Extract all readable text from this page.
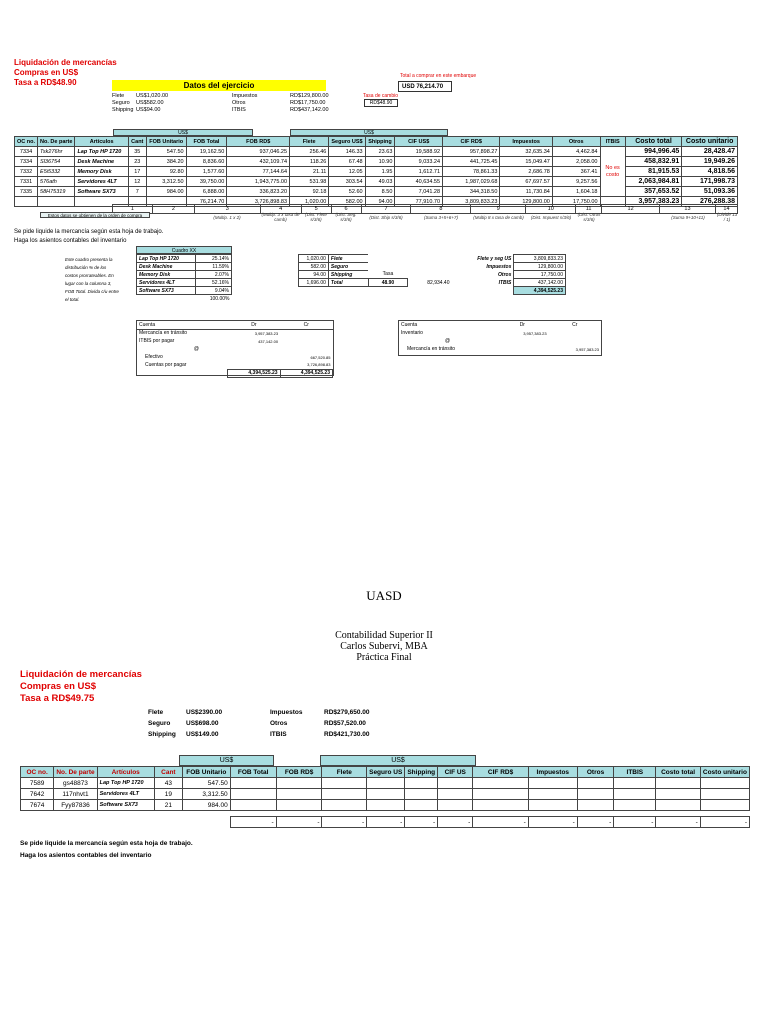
Liquidación de mercancías
Compras en US$
Tasa a RD$48.90	Datos del ejercicio
Flete US$1,020.00
Seguro US$582.00
Shipping US$94.00
Impuestos	RD$129,800.00
Otros	RD$17,750.00
ITBIS	RD$437,142.00
Total a comprar en este embarque
USD 76,214.70
Tasa de cambio
RD$48.90
US$	US$
OC no.	No. De parte	Artículos	Cant	FOB Unitario	FOB Total	FOB RD$	Flete	Seguro US$	Shipping	CIF US$	CIF RD$	Impuestos	Otros	ITBIS	Costo total	Costo unitario
7334	Tsk276hr	Lap Top HP 1720	35	547.50	19,162.50	937,046.25	256.46	146.33	23.63	19,588.92	957,898.27	32,635.34	4,462.84	No es costo	994,996.45	28,428.47
7334	Sl36754	Desk Machine	23	384.20	8,836.60	432,109.74	118.26	67.48	10.90	9,033.24	441,725.45	15,049.47	2,058.00		458,832.91	19,949.26
7332	E5i5332	Memory Disk	17	92.80	1,577.60	77,144.64	21.11	12.05	1.95	1,612.71	78,861.33	2,686.78	367.41		81,915.53	4,818.56
7331	576ath	Servidores 4LT	12	3,312.50	39,750.00	1,943,775.00	531.98	303.54	49.03	40,634.55	1,987,029.68	67,697.57	9,257.56		2,063,984.81	171,998.73
7335	58H75319	Software SX73	7	984.00	6,888.00	336,823.20	92.18	52.60	8.50	7,041.28	344,318.50	11,730.84	1,604.18		357,653.52	51,093.36
					76,214.70	3,726,898.83	1,020.00	582.00	94.00	77,910.70	3,809,833.23	129,800.00	17,750.00		3,957,383.23	276,288.38
1	2	3	4	5	6	7	8	9	10	11	12	13	14
		(Multip. 1 x 2)	(Multip. 3 x tasa de camb)	(Dist. Flete s/3/6)	(Dist. Seg. s/3/6)	(Dist. Ship s/3/6)	(Suma 3+5+6+7)	(Multip 8 x tasa de camb)	(Dist. Impuest s/3/6)	(Dist. Otros s/3/6)		(Suma 9+10+11)	(Divide 13 / 1)
Estos datos se obtienen de la orden de compra
Se pide liquide la mercancía según esta hoja de trabajo.
Haga los asientos contables del inventario
Cuadro XX
Este cuadro presenta la
distribución % de los
costos prorrateables. En
lugar con la columna 3,
FOB Total. Divida c/u entre
el total.
Lap Top HP 1720	25.14%
Desk Machine	11.59%
Memory Disk	2.07%
Servidores 4LT	52.16%
Software SX73	9.04%
	100.00%
1,020.00	Flete		
582.00	Seguro		
94.00	Shipping	Tasa	
1,696.00	Total	48.90	82,934.40
Flete y seg US	3,809,833.23
Impuestos	129,800.00
Otros	17,750.00
ITBIS	437,142.00
	4,394,525.23
Cuenta	Dr	Cr
Mercancía en tránsito	3,957,383.23	
ITBIS por pagar	437,142.00	
@		
Efectivo		667,520.85
Cuentas por pagar		3,726,898.83
	4,394,525.23	4,394,525.23
Cuenta	Dr	Cr
Inventario	3,957,383.23	
@		
Mercancía en tránsito		3,957,383.23
UASD
Contabilidad Superior II
Carlos Subervi, MBA
Práctica Final
Liquidación de mercancías
Compras en US$
Tasa a RD$49.75
Flete	US$2390.00
Seguro US$698.00
Shipping US$149.00
Impuestos	RD$279,650.00
Otros	RD$57,520.00
ITBIS	RD$421,730.00
US$	US$
OC no.	No. De parte	Artículos	Cant	FOB Unitario	FOB Total	FOB RD$	Flete	Seguro US	Shipping	CIF US	CIF RD$	Impuestos	Otros	ITBIS	Costo total	Costo unitario
7589	gs48873	Lap Top HP 1720	43	547.50												
7642	117nhvt1	Servidores 4LT	19	3,312.50												
7674	Fyy87836	Software SX73	21	984.00												

					-	-	-	-	-	-	-	-	-	-	-	-
Se pide liquide la mercancía según esta hoja de trabajo.
Haga los asientos contables del inventario
